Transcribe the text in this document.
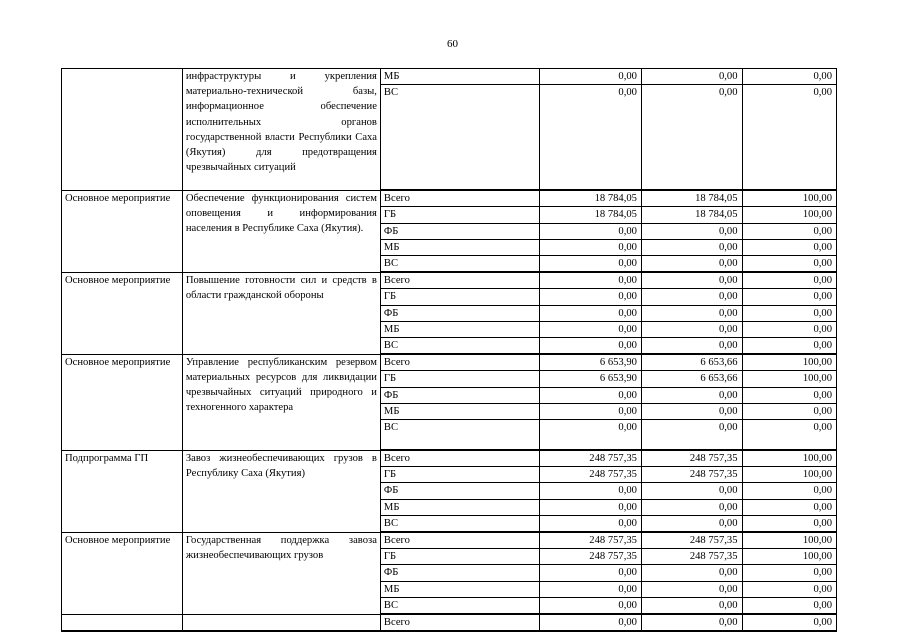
60
	инфраструктуры и укрепления материально-технической базы, информационное обеспечение исполнительных органов государственной власти Республики Саха (Якутия) для предотвращения чрезвычайных ситуаций	МБ	0,00	0,00	0,00
		ВС	0,00	0,00	0,00
Основное мероприятие	Обеспечение функционирования систем оповещения и информирования населения в Республике Саха (Якутия).	Всего	18 784,05	18 784,05	100,00
		ГБ	18 784,05	18 784,05	100,00
		ФБ	0,00	0,00	0,00
		МБ	0,00	0,00	0,00
		ВС	0,00	0,00	0,00
Основное мероприятие	Повышение готовности сил и средств в области гражданской обороны	Всего	0,00	0,00	0,00
		ГБ	0,00	0,00	0,00
		ФБ	0,00	0,00	0,00
		МБ	0,00	0,00	0,00
		ВС	0,00	0,00	0,00
Основное мероприятие	Управление республиканским резервом материальных ресурсов для ликвидации чрезвычайных ситуаций природного и техногенного характера	Всего	6 653,90	6 653,66	100,00
		ГБ	6 653,90	6 653,66	100,00
		ФБ	0,00	0,00	0,00
		МБ	0,00	0,00	0,00
		ВС	0,00	0,00	0,00
Подпрограмма ГП	Завоз жизнеобеспечивающих грузов в Республику Саха (Якутия)	Всего	248 757,35	248 757,35	100,00
		ГБ	248 757,35	248 757,35	100,00
		ФБ	0,00	0,00	0,00
		МБ	0,00	0,00	0,00
		ВС	0,00	0,00	0,00
Основное мероприятие	Государственная поддержка завоза жизнеобеспечивающих грузов	Всего	248 757,35	248 757,35	100,00
		ГБ	248 757,35	248 757,35	100,00
		ФБ	0,00	0,00	0,00
		МБ	0,00	0,00	0,00
		ВС	0,00	0,00	0,00
		Всего	0,00	0,00	0,00
